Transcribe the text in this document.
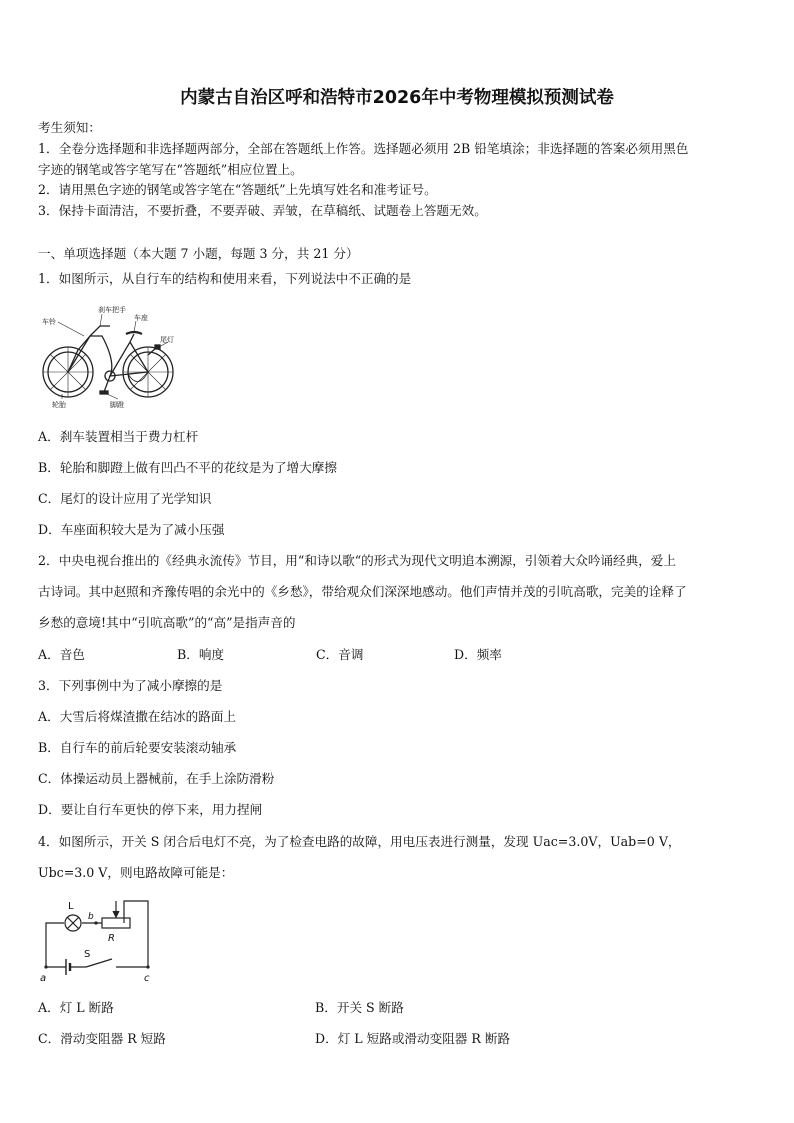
内蒙古自治区呼和浩特市2026年中考物理模拟预测试卷
考生须知：
1．全卷分选择题和非选择题两部分，全部在答题纸上作答。选择题必须用 2B 铅笔填涂；非选择题的答案必须用黑色
字迹的钢笔或答字笔写在“答题纸”相应位置上。
2．请用黑色字迹的钢笔或答字笔在“答题纸”上先填写姓名和准考证号。
3．保持卡面清洁，不要折叠，不要弄破、弄皱，在草稿纸、试题卷上答题无效。
一、单项选择题（本大题 7 小题，每题 3 分，共 21 分）
1．如图所示，从自行车的结构和使用来看，下列说法中不正确的是
刹车把手
车铃	车座
尾灯
轮胎	脚蹬
A．刹车装置相当于费力杠杆
B．轮胎和脚蹬上做有凹凸不平的花纹是为了增大摩擦
C．尾灯的设计应用了光学知识
D．车座面积较大是为了减小压强
2．中央电视台推出的《经典永流传》节目，用“和诗以歌“的形式为现代文明追本溯源，引领着大众吟诵经典，爱上
古诗词。其中赵照和齐豫传唱的余光中的《乡愁》，带给观众们深深地感动。他们声情并茂的引吭高歌，完美的诠释了
乡愁的意境!其中“引吭高歌”的“高”是指声音的
A．音色	B．响度	C．音调	D．频率
3．下列事例中为了减小摩擦的是
A．大雪后将煤渣撒在结冰的路面上
B．自行车的前后轮要安装滚动轴承
C．体操运动员上器械前，在手上涂防滑粉
D．要让自行车更快的停下来，用力捏闸
4．如图所示，开关 S 闭合后电灯不亮，为了检查电路的故障，用电压表进行测量，发现 Uac=3.0V，Uab=0 V，
Ubc=3.0 V，则电路故障可能是：
L
b
R
S
a	c
A．灯 L 断路	B．开关 S 断路
C．滑动变阻器 R 短路	D．灯 L 短路或滑动变阻器 R 断路
